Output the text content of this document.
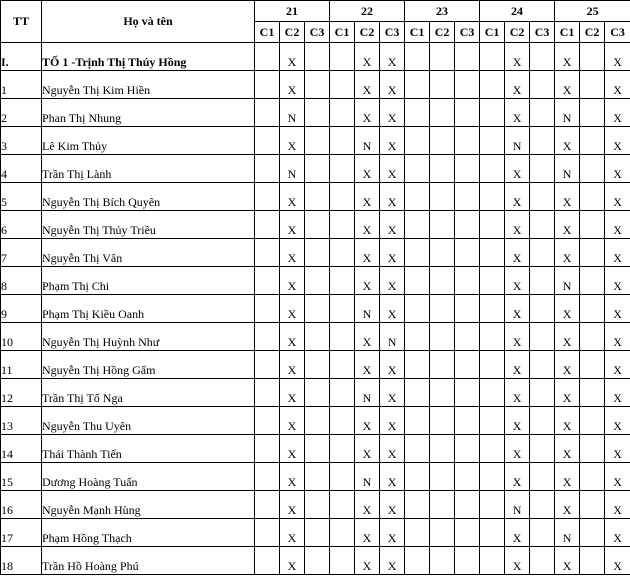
TT	Họ và tên	21			22			23			24			25		
		C1	C2	C3	C1	C2	C3	C1	C2	C3	C1	C2	C3	C1	C2	C3
I.	TỔ 1 -Trịnh Thị Thúy Hồng		X			X	X					X		X		X
1	Nguyễn Thị Kim Hiền		X			X	X					X		X		X
2	Phan Thị Nhung		N			X	X					X		N		X
3	Lê Kim Thủy		X			N	X					N		X		X
4	Trần Thị Lành		N			X	X					X		N		X
5	Nguyễn Thị Bích Quyên		X			X	X					X		X		X
6	Nguyễn Thị Thủy Triều		X			X	X					X		X		X
7	Nguyễn Thị Vân		X			X	X					X		X		X
8	Phạm Thị Chi		X			X	X					X		N		X
9	Phạm Thị Kiều Oanh		X			N	X					X		X		X
10	Nguyễn Thị Huỳnh Như		X			X	N					X		X		X
11	Nguyễn Thị Hồng Gấm		X			X	X					X		X		X
12	Trần Thị Tố Nga		X			N	X					X		X		X
13	Nguyễn Thu Uyên		X			X	X					X		X		X
14	Thái Thành Tiến		X			X	X					X		X		X
15	Dương Hoàng Tuấn		X			N	X					X		X		X
16	Nguyễn Mạnh Hùng		X			X	X					N		X		X
17	Phạm Hồng Thạch		X			X	X					X		N		X
18	Trần Hồ Hoàng Phú		X			X	X					X		X		X
